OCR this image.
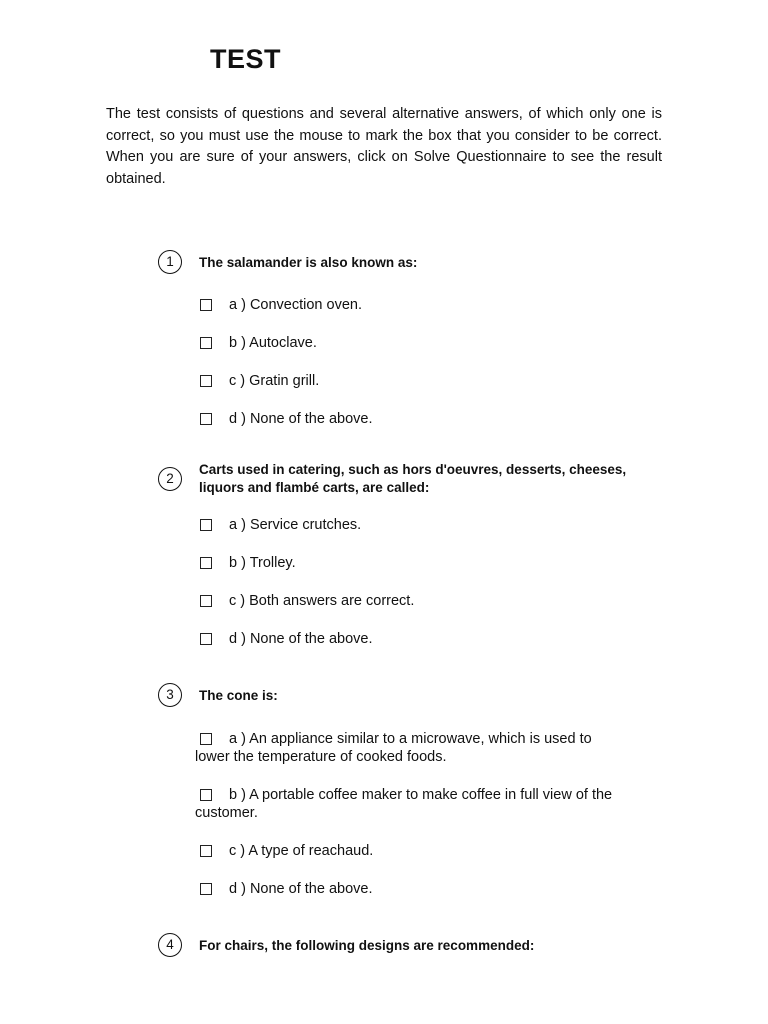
TEST
The test consists of questions and several alternative answers, of which only one is correct, so you must use the mouse to mark the box that you consider to be correct. When you are sure of your answers, click on Solve Questionnaire to see the result obtained.
1	The salamander is also known as:
a ) Convection oven.
b ) Autoclave.
c ) Gratin grill.
d ) None of the above.
2
Carts used in catering, such as hors d'oeuvres, desserts, cheeses, liquors and flambé carts, are called:
a ) Service crutches.
b ) Trolley.
c ) Both answers are correct.
d ) None of the above.
3	The cone is:
a ) An appliance similar to a microwave, which is used to lower the temperature of cooked foods.
b ) A portable coffee maker to make coffee in full view of the customer.
c ) A type of reachaud.
d ) None of the above.
4	For chairs, the following designs are recommended:
